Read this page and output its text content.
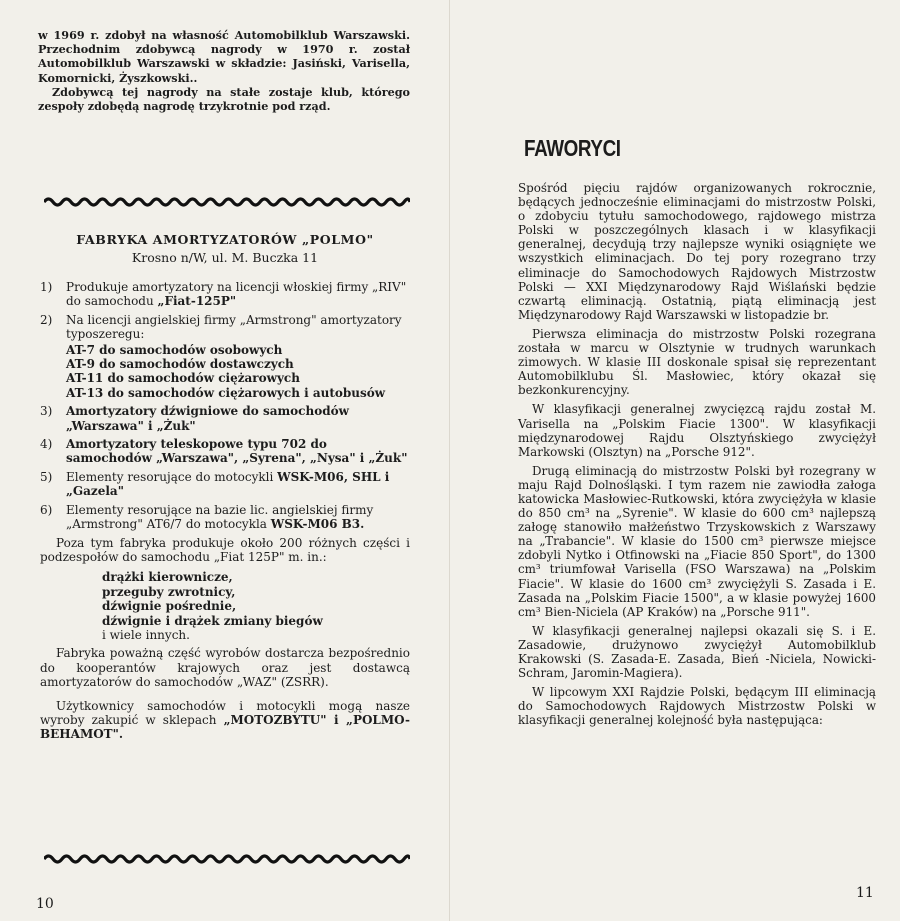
w 1969 r. zdobył na własność Automobilklub Warszawski. Przechodnim zdobywcą nagrody w 1970 r. został Automobilklub Warszawski w składzie: Jasiński, Varisella, Komornicki, Żyszkowski..

Zdobywcą tej nagrody na stałe zostaje klub, którego zespoły zdobędą nagrodę trzykrotnie pod rząd.

FABRYKA AMORTYZATORÓW „POLMO"
Krosno n/W, ul. M. Buczka 11
1) Produkuje amortyzatory na licencji włoskiej firmy „RIV" do samochodu „Fiat-125P"
2) Na licencji angielskiej firmy „Armstrong" amortyzatory typoszeregu:
AT-7 do samochodów osobowych
AT-9 do samochodów dostawczych
AT-11 do samochodów ciężarowych
AT-13 do samochodów ciężarowych i autobusów
3) Amortyzatory dźwigniowe do samochodów „Warszawa" i „Żuk"
4) Amortyzatory teleskopowe typu 702 do samochodów „Warszawa", „Syrena", „Nysa" i „Żuk"
5) Elementy resorujące do motocykli WSK-M06, SHL i „Gazela"
6) Elementy resorujące na bazie lic. angielskiej firmy „Armstrong" AT6/7 do motocykla WSK-M06 B3.

Poza tym fabryka produkuje około 200 różnych części i podzespołów do samochodu „Fiat 125P" m. in.:

drążki kierownicze,
przeguby zwrotnicy,
dźwignie pośrednie,
dźwignie i drążek zmiany biegów
i wiele innych.

Fabryka poważną część wyrobów dostarcza bezpośrednio do kooperantów krajowych oraz jest dostawcą amortyzatorów do samochodów „WAZ" (ZSRR).

Użytkownicy samochodów i motocykli mogą nasze wyroby zakupić w sklepach „MOTOZBYTU" i „POLMO-BEHAMOT".

10
FAWORYCI

Spośród pięciu rajdów organizowanych rokrocznie, będących jednocześnie eliminacjami do mistrzostw Polski, o zdobyciu tytułu samochodowego, rajdowego mistrza Polski w poszczególnych klasach i w klasyfikacji generalnej, decydują trzy najlepsze wyniki osiągnięte we wszystkich eliminacjach. Do tej pory rozegrano trzy eliminacje do Samochodowych Rajdowych Mistrzostw Polski — XXI Międzynarodowy Rajd Wiślański będzie czwartą eliminacją. Ostatnią, piątą eliminacją jest Międzynarodowy Rajd Warszawski w listopadzie br.

Pierwsza eliminacja do mistrzostw Polski rozegrana została w marcu w Olsztynie w trudnych warunkach zimowych. W klasie III doskonale spisał się reprezentant Automobilklubu Śl. Masłowiec, który okazał się bezkonkurencyjny.

W klasyfikacji generalnej zwycięzcą rajdu został M. Varisella na „Polskim Fiacie 1300". W klasyfikacji międzynarodowej Rajdu Olsztyńskiego zwyciężył Markowski (Olsztyn) na „Porsche 912".

Drugą eliminacją do mistrzostw Polski był rozegrany w maju Rajd Dolnośląski. I tym razem nie zawiodła załoga katowicka Masłowiec-Rutkowski, która zwyciężyła w klasie do 850 cm³ na „Syrenie". W klasie do 600 cm³ najlepszą załogę stanowiło małżeństwo Trzyskowskich z Warszawy na „Trabancie". W klasie do 1500 cm³ pierwsze miejsce zdobyli Nytko i Otfinowski na „Fiacie 850 Sport", do 1300 cm³ triumfował Varisella (FSO Warszawa) na „Polskim Fiacie". W klasie do 1600 cm³ zwyciężyli S. Zasada i E. Zasada na „Polskim Fiacie 1500", a w klasie powyżej 1600 cm³ Bien-Niciela (AP Kraków) na „Porsche 911".

W klasyfikacji generalnej najlepsi okazali się S. i E. Zasadowie, drużynowo zwyciężył Automobilklub Krakowski (S. Zasada-E. Zasada, Bień -Niciela, Nowicki-Schram, Jaromin-Magiera).

W lipcowym XXI Rajdzie Polski, będącym III eliminacją do Samochodowych Rajdowych Mistrzostw Polski w klasyfikacji generalnej kolejność była następująca:

11
